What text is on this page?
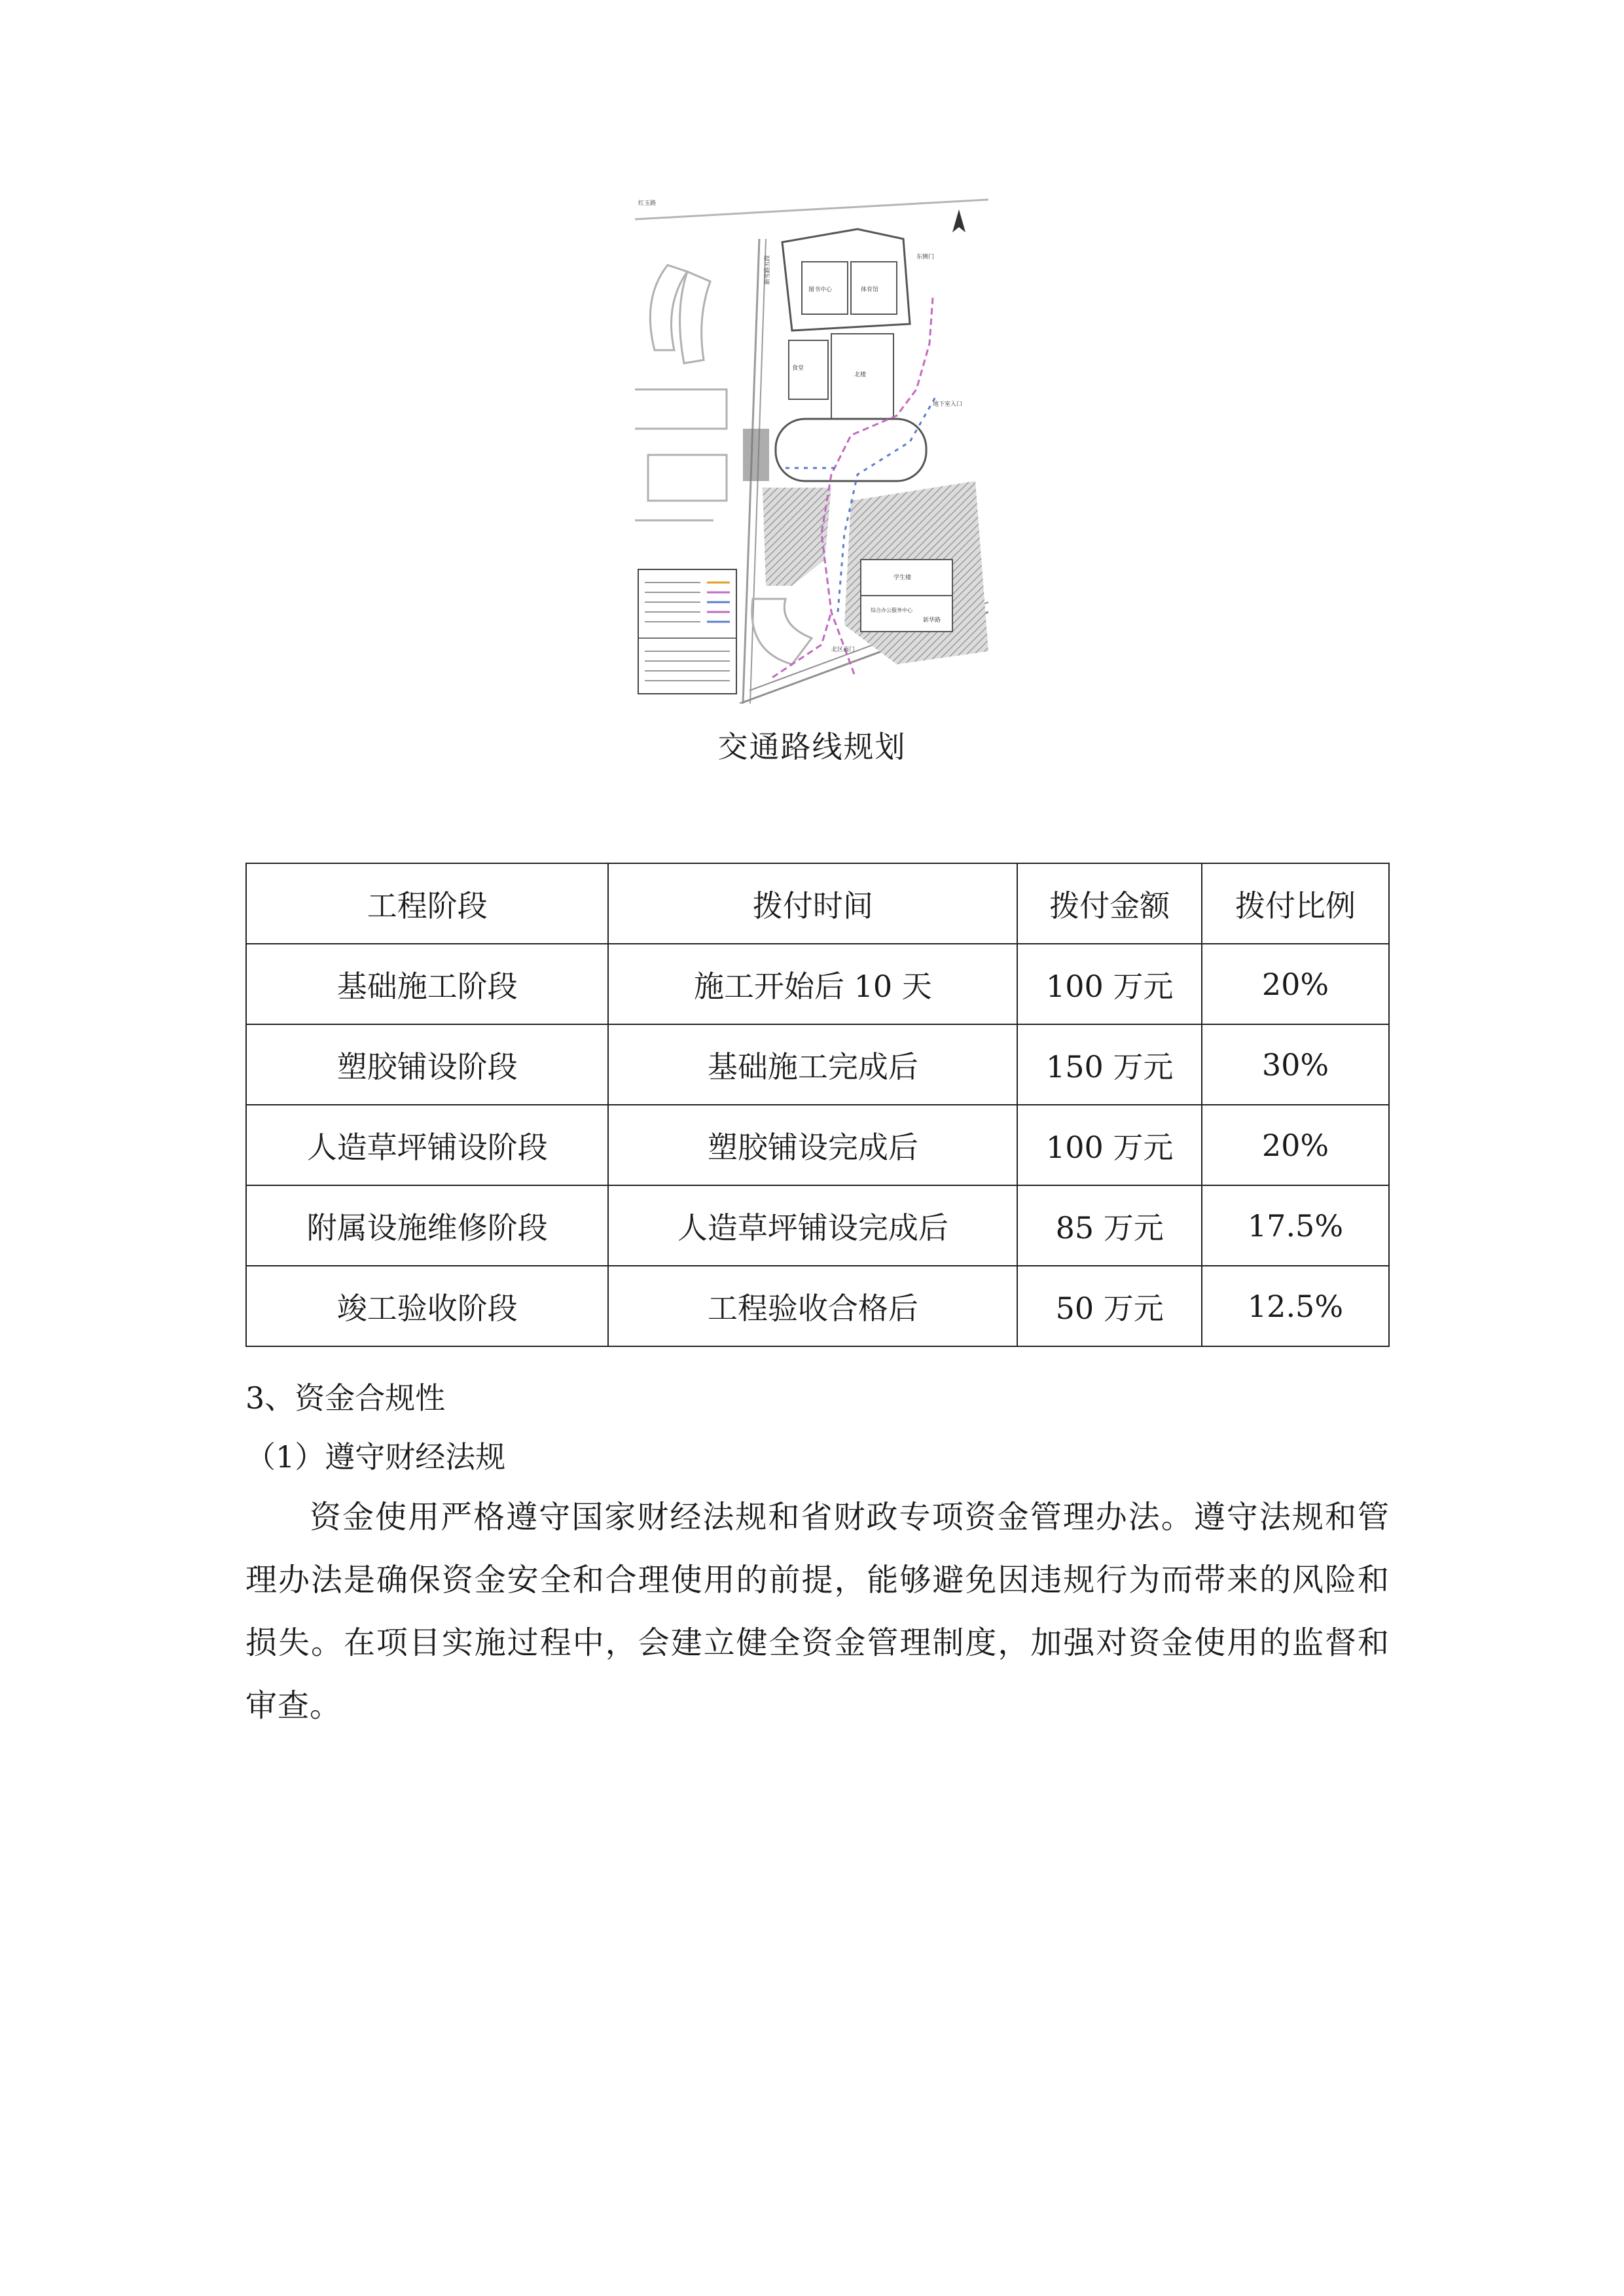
红玉路
新雪路五段
图书中心	体育馆
食堂
北楼
学生楼
综合办公服务中心
东侧门
地下室入口
北区南门
新华路
交通路线规划
工程阶段	拨付时间	拨付金额	拨付比例
基础施工阶段	施工开始后 10 天	100 万元	20%
塑胶铺设阶段	基础施工完成后	150 万元	30%
人造草坪铺设阶段	塑胶铺设完成后	100 万元	20%
附属设施维修阶段	人造草坪铺设完成后	85 万元	17.5%
竣工验收阶段	工程验收合格后	50 万元	12.5%
3、资金合规性
（1）遵守财经法规
资金使用严格遵守国家财经法规和省财政专项资金管理办法。遵守法规和管理办法是确保资金安全和合理使用的前提，能够避免因违规行为而带来的风险和损失。在项目实施过程中，会建立健全资金管理制度，加强对资金使用的监督和审查。
